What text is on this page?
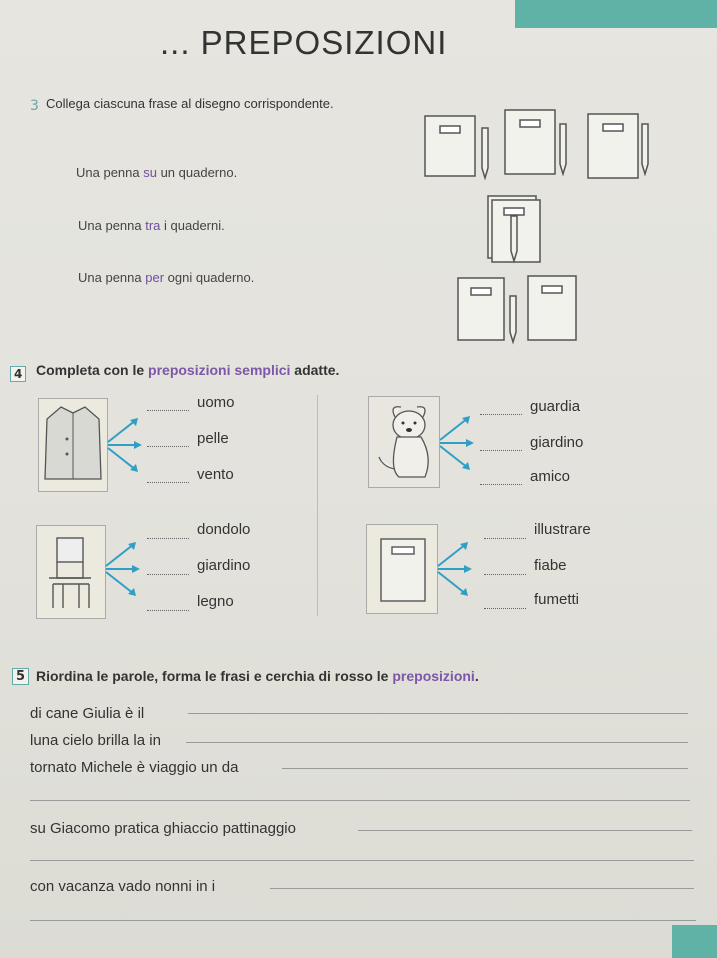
... PREPOSIZIONI
3 Collega ciascuna frase al disegno corrispondente.
Una penna su un quaderno.
Una penna tra i quaderni.
Una penna per ogni quaderno.
4 Completa con le preposizioni semplici adatte.
uomo
pelle
vento
guardia
giardino
amico
dondolo
giardino
legno
illustrare
fiabe
fumetti
5 Riordina le parole, forma le frasi e cerchia di rosso le preposizioni.
di cane Giulia è il
luna cielo brilla la in
tornato Michele è viaggio un da
su Giacomo pratica ghiaccio pattinaggio
con vacanza vado nonni in i
